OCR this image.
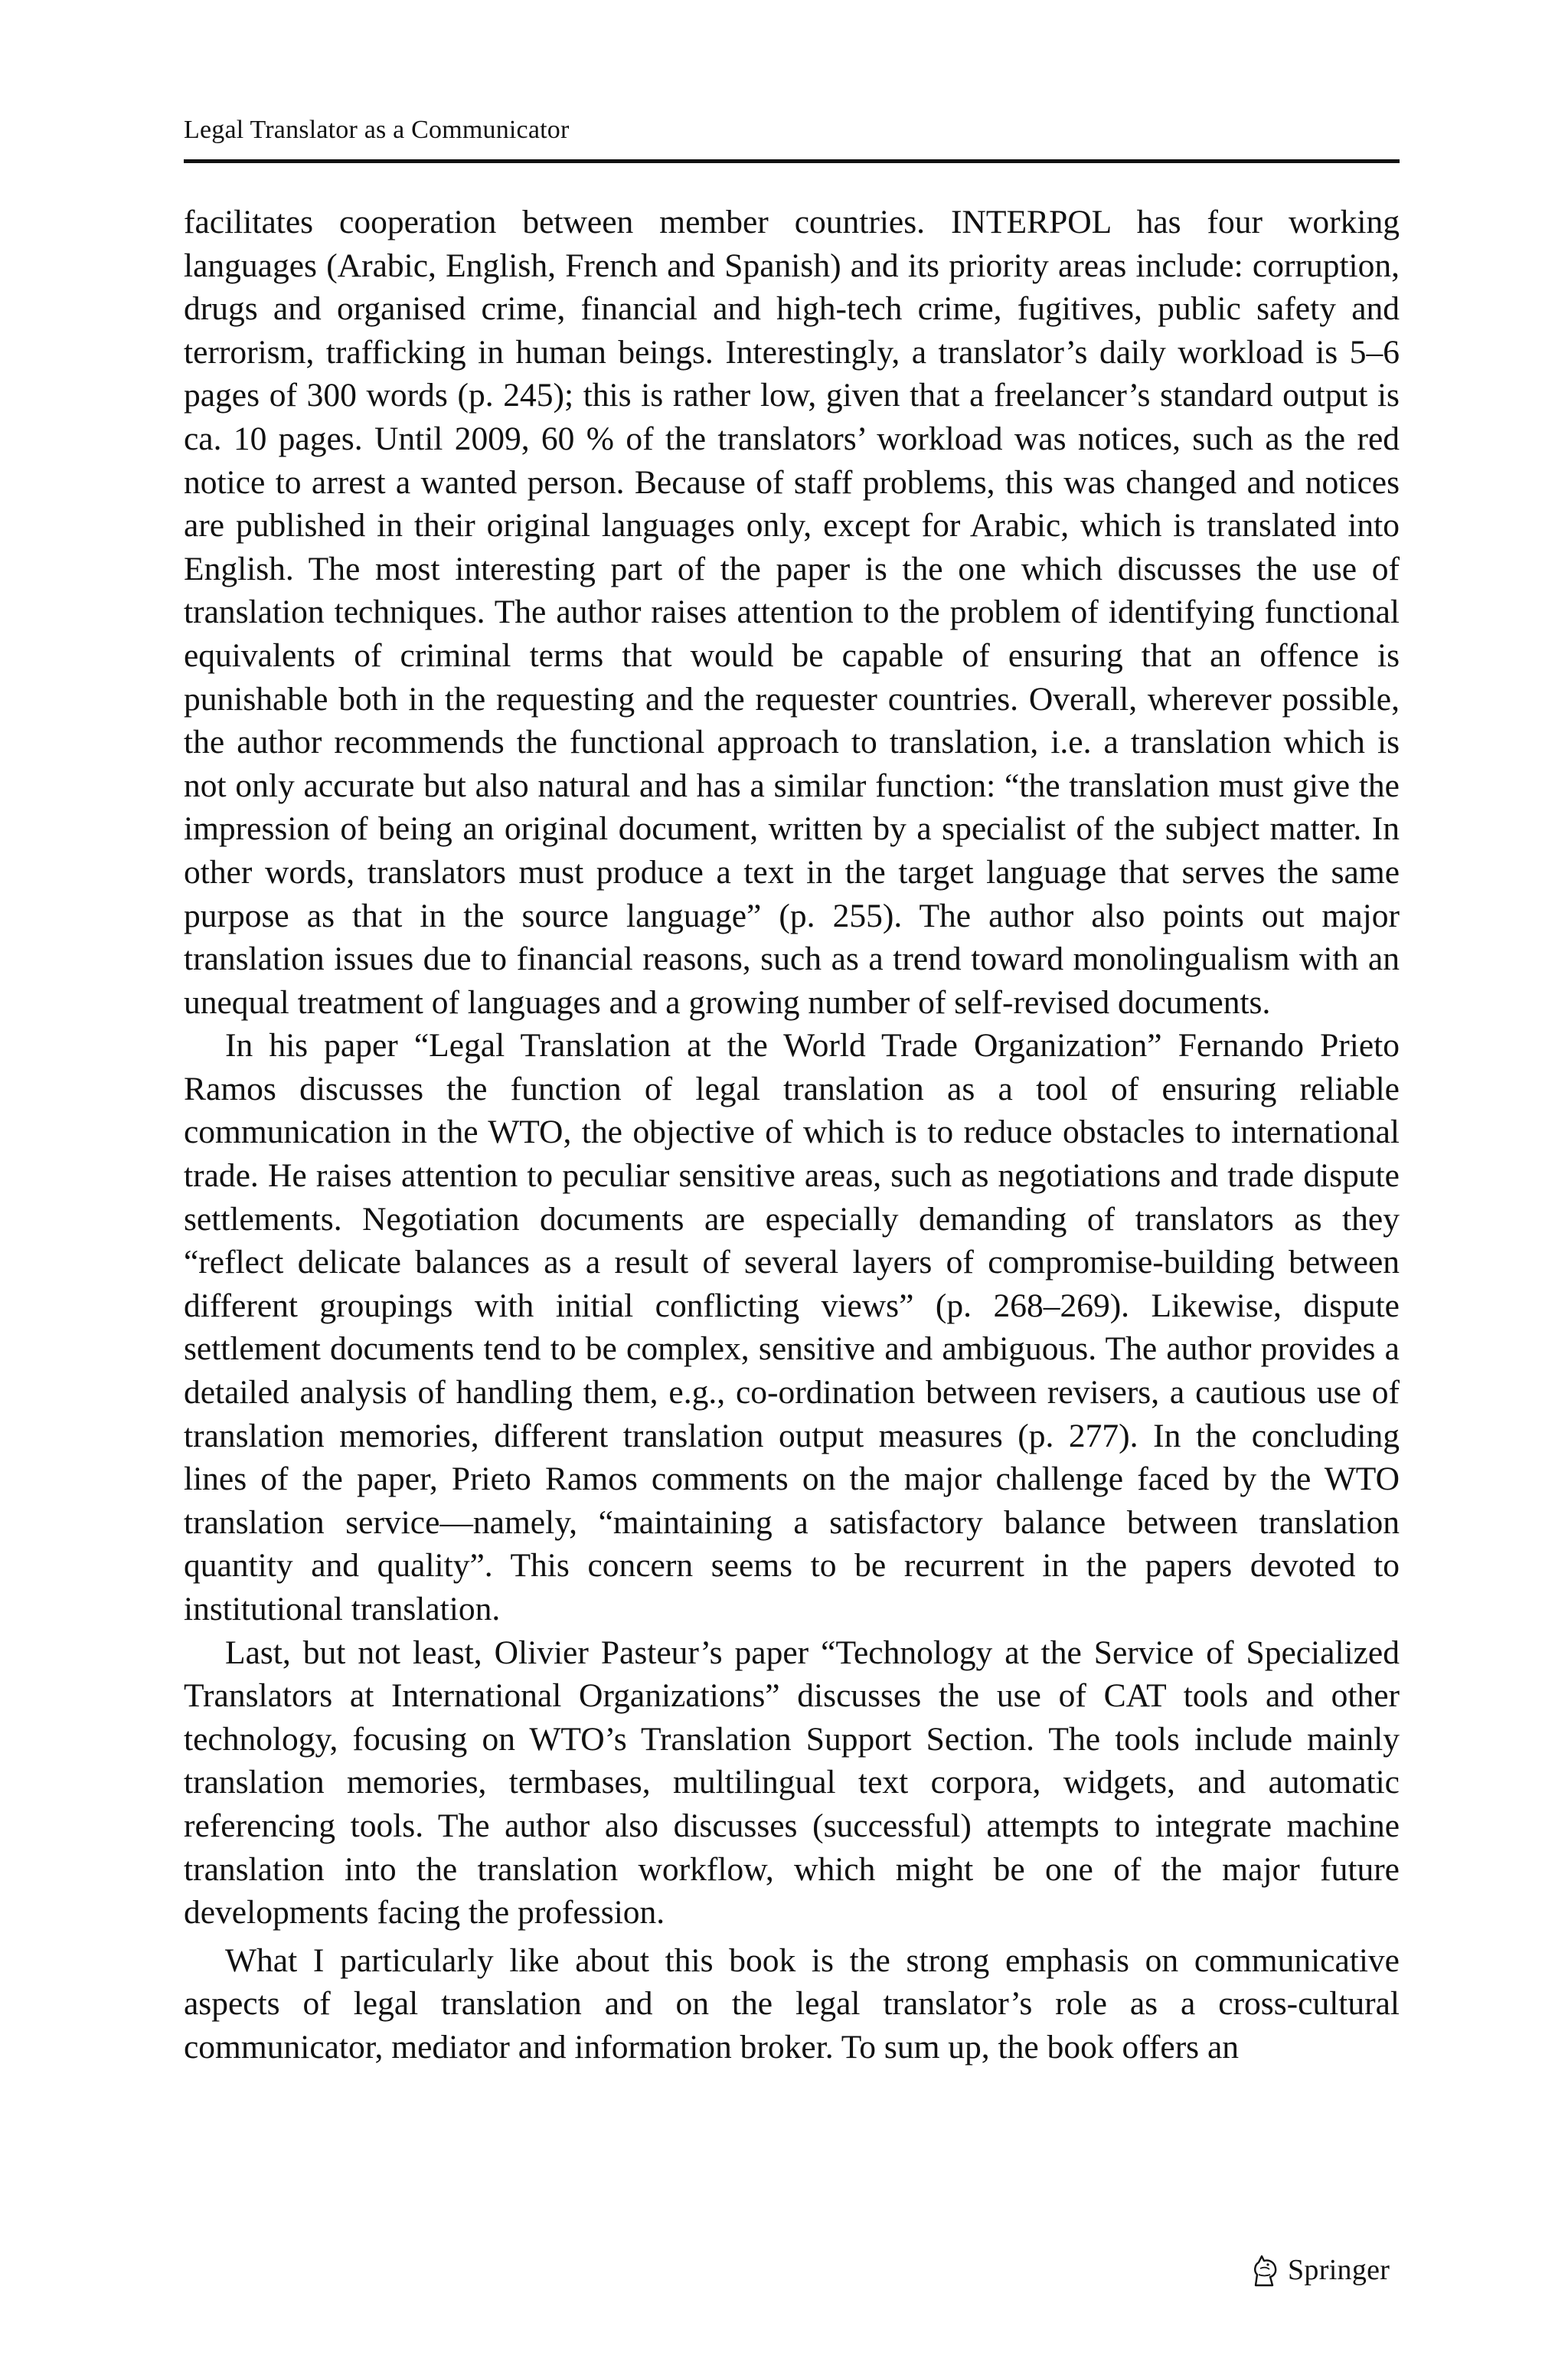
Legal Translator as a Communicator

facilitates cooperation between member countries. INTERPOL has four working languages (Arabic, English, French and Spanish) and its priority areas include: corruption, drugs and organised crime, financial and high-tech crime, fugitives, public safety and terrorism, trafficking in human beings. Interestingly, a translator’s daily workload is 5–6 pages of 300 words (p. 245); this is rather low, given that a freelancer’s standard output is ca. 10 pages. Until 2009, 60 % of the translators’ workload was notices, such as the red notice to arrest a wanted person. Because of staff problems, this was changed and notices are published in their original languages only, except for Arabic, which is translated into English. The most interesting part of the paper is the one which discusses the use of translation techniques. The author raises attention to the problem of identifying functional equivalents of criminal terms that would be capable of ensuring that an offence is punishable both in the requesting and the requester countries. Overall, wherever possible, the author recommends the functional approach to translation, i.e. a translation which is not only accurate but also natural and has a similar function: “the translation must give the impression of being an original document, written by a specialist of the subject matter. In other words, translators must produce a text in the target language that serves the same purpose as that in the source language” (p. 255). The author also points out major translation issues due to financial reasons, such as a trend toward monolingualism with an unequal treatment of languages and a growing number of self-revised documents.

In his paper “Legal Translation at the World Trade Organization” Fernando Prieto Ramos discusses the function of legal translation as a tool of ensuring reliable communication in the WTO, the objective of which is to reduce obstacles to international trade. He raises attention to peculiar sensitive areas, such as negotiations and trade dispute settlements. Negotiation documents are especially demanding of translators as they “reflect delicate balances as a result of several layers of compromise-building between different groupings with initial conflicting views” (p. 268–269). Likewise, dispute settlement documents tend to be complex, sensitive and ambiguous. The author provides a detailed analysis of handling them, e.g., co-ordination between revisers, a cautious use of translation memories, different translation output measures (p. 277). In the concluding lines of the paper, Prieto Ramos comments on the major challenge faced by the WTO translation service—namely, “maintaining a satisfactory balance between translation quantity and quality”. This concern seems to be recurrent in the papers devoted to institutional translation.

Last, but not least, Olivier Pasteur’s paper “Technology at the Service of Specialized Translators at International Organizations” discusses the use of CAT tools and other technology, focusing on WTO’s Translation Support Section. The tools include mainly translation memories, termbases, multilingual text corpora, widgets, and automatic referencing tools. The author also discusses (successful) attempts to integrate machine translation into the translation workflow, which might be one of the major future developments facing the profession.

What I particularly like about this book is the strong emphasis on communicative aspects of legal translation and on the legal translator’s role as a cross-cultural communicator, mediator and information broker. To sum up, the book offers an

Springer
